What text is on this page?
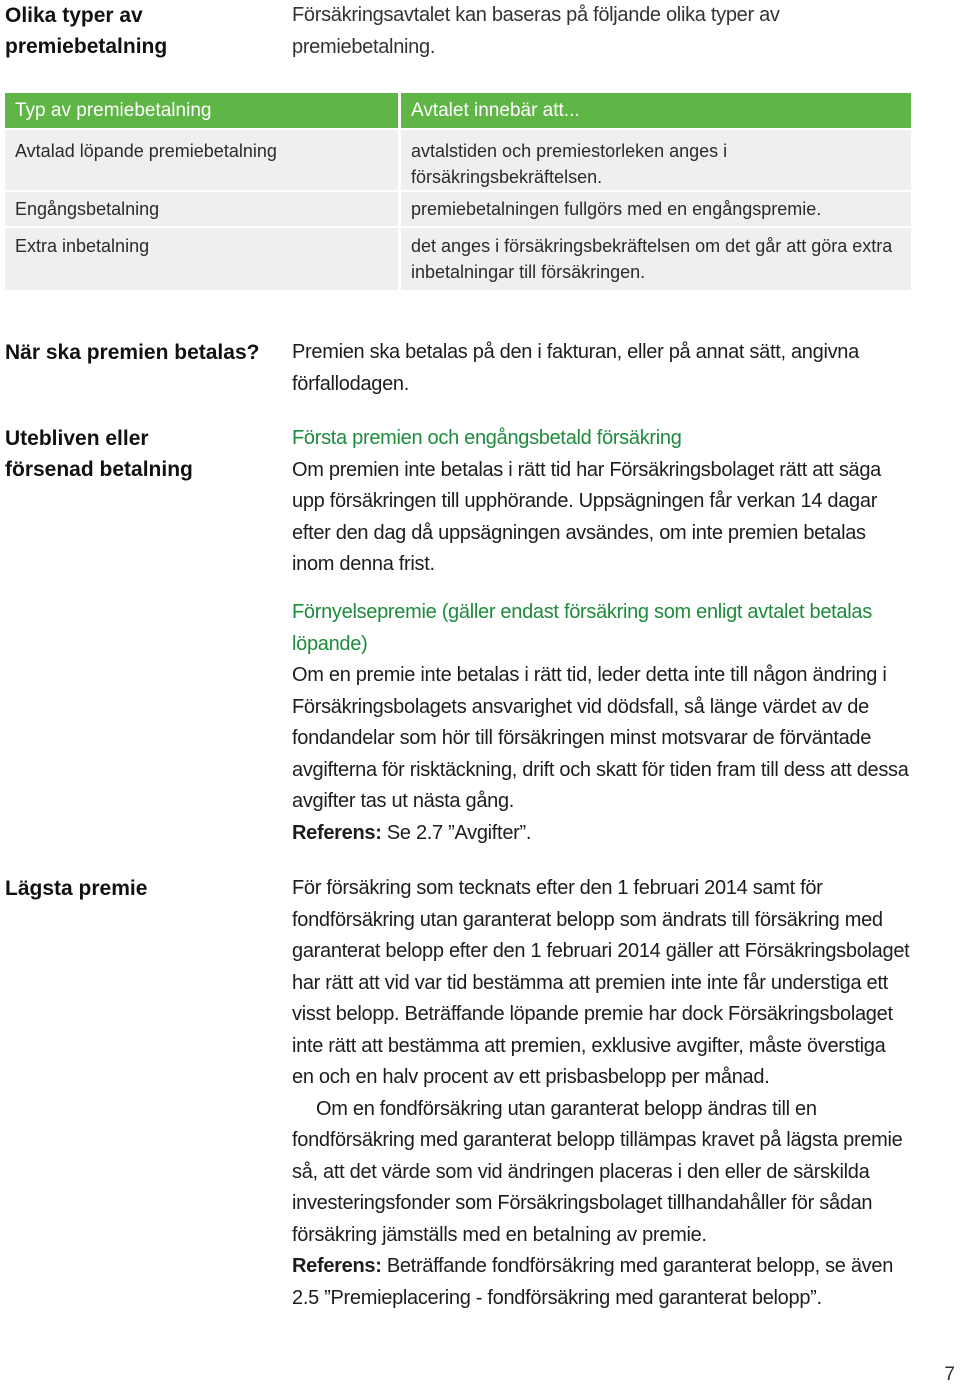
Olika typer av
premiebetalning
Försäkringsavtalet kan baseras på följande olika typer av premiebetalning.
Typ av premiebetalning	Avtalet innebär att...
Avtalad löpande premiebetalning	avtalstiden och premiestorleken anges i försäkringsbekräftelsen.
Engångsbetalning	premiebetalningen fullgörs med en engångspremie.
Extra inbetalning	det anges i försäkringsbekräftelsen om det går att göra extra inbetalningar till försäkringen.
När ska premien betalas?	Premien ska betalas på den i fakturan, eller på annat sätt, angivna förfallodagen.
Utebliven eller
försenad betalning
Första premien och engångsbetald försäkring
Om premien inte betalas i rätt tid har Försäkringsbolaget rätt att säga upp försäkringen till upphörande. Uppsägningen får verkan 14 dagar efter den dag då uppsägningen avsändes, om inte premien betalas inom denna frist.
Förnyelsepremie (gäller endast försäkring som enligt avtalet betalas löpande)
Om en premie inte betalas i rätt tid, leder detta inte till någon ändring i Försäkringsbolagets ansvarighet vid dödsfall, så länge värdet av de fondandelar som hör till försäkringen minst motsvarar de förväntade avgifterna för risktäckning, drift och skatt för tiden fram till dess att dessa avgifter tas ut nästa gång.
Referens: Se 2.7 ”Avgifter”.
Lägsta premie	För försäkring som tecknats efter den 1 februari 2014 samt för fondförsäkring utan garanterat belopp som ändrats till försäkring med garanterat belopp efter den 1 februari 2014 gäller att Försäkringsbolaget har rätt att vid var tid bestämma att premien inte inte får understiga ett visst belopp. Beträffande löpande premie har dock Försäkringsbolaget inte rätt att bestämma att premien, exklusive avgifter, måste överstiga en och en halv procent av ett prisbasbelopp per månad.
Om en fondförsäkring utan garanterat belopp ändras till en fondförsäkring med garanterat belopp tillämpas kravet på lägsta premie så, att det värde som vid ändringen placeras i den eller de särskilda investeringsfonder som Försäkringsbolaget tillhandahåller för sådan försäkring jämställs med en betalning av premie.
Referens: Beträffande fondförsäkring med garanterat belopp, se även 2.5 ”Premieplacering - fondförsäkring med garanterat belopp”.
7
